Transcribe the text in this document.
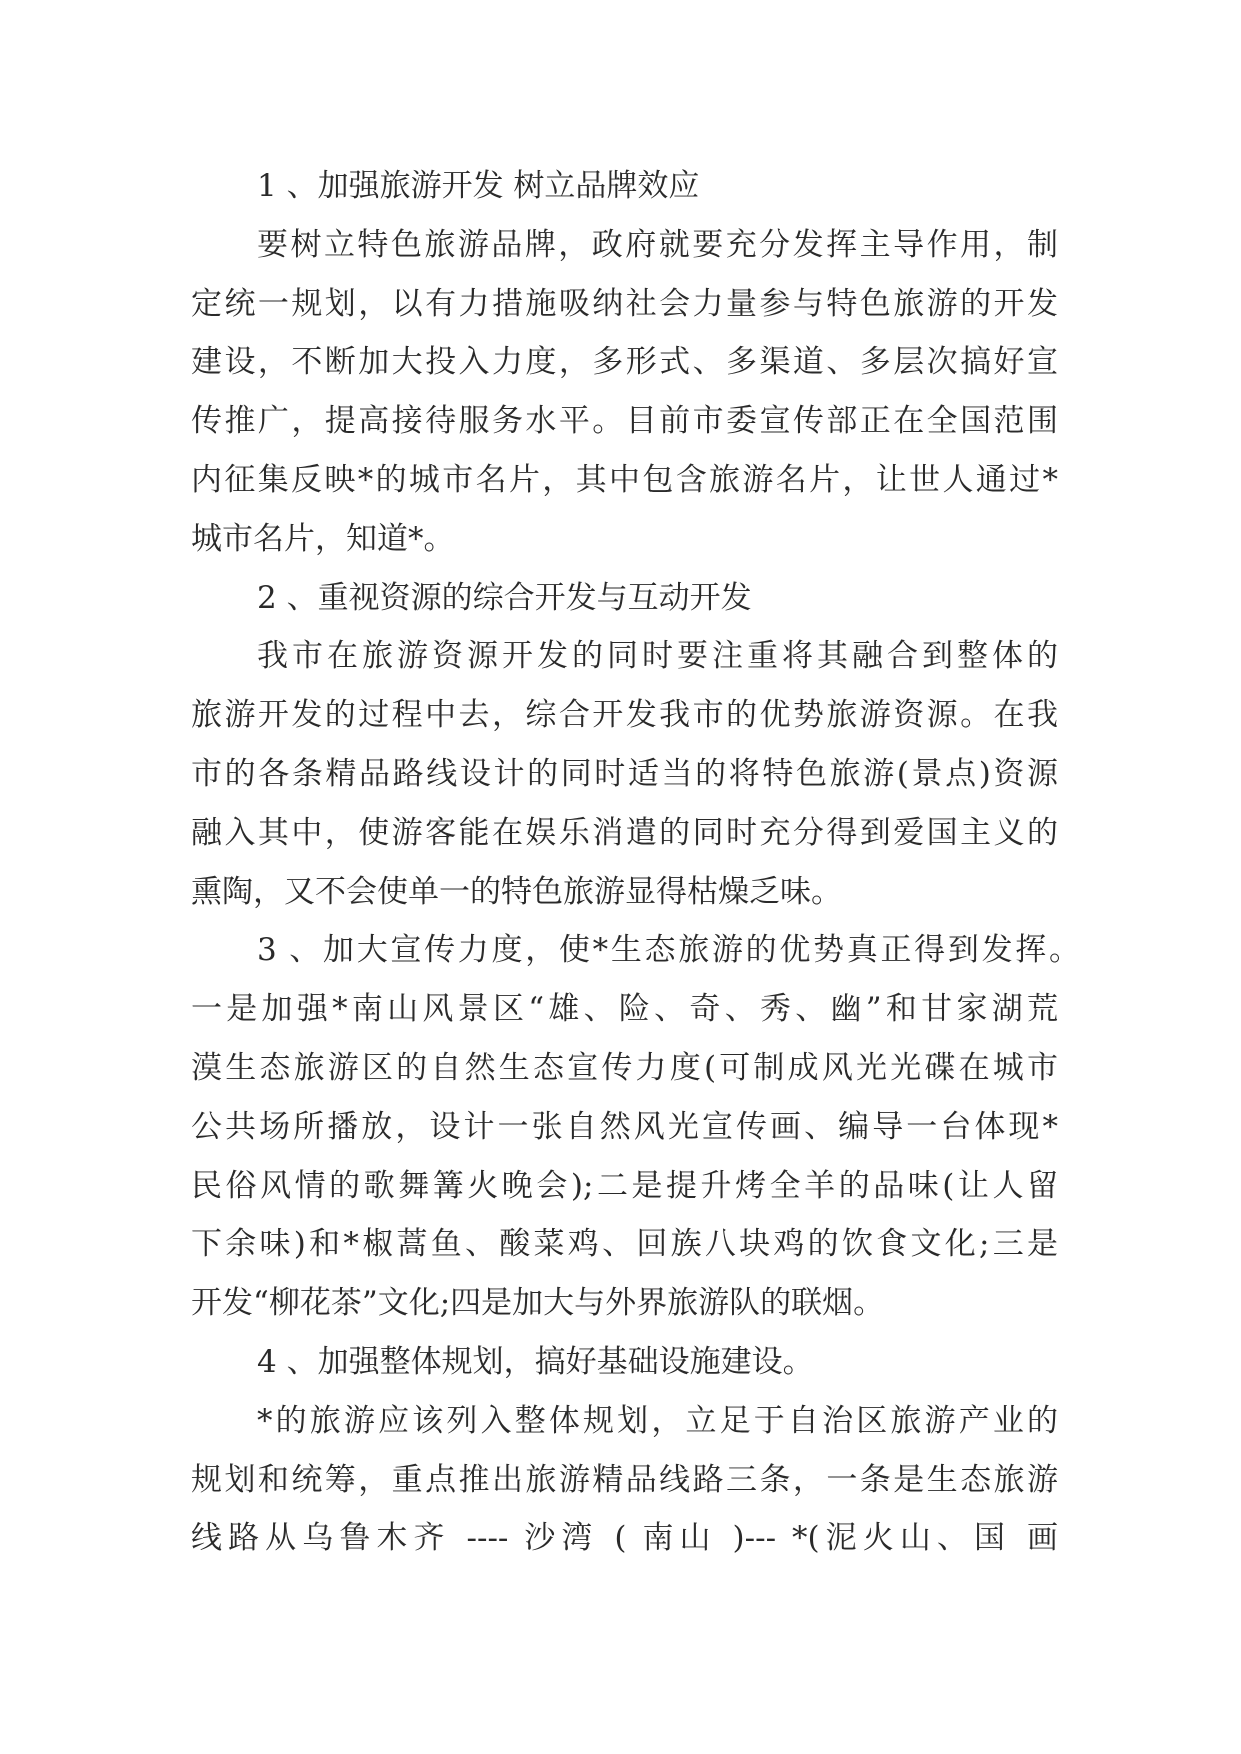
1 、加强旅游开发 树立品牌效应
要树立特色旅游品牌，政府就要充分发挥主导作用，制
定统一规划，以有力措施吸纳社会力量参与特色旅游的开发
建设，不断加大投入力度，多形式、多渠道、多层次搞好宣
传推广，提高接待服务水平。目前市委宣传部正在全国范围
内征集反映*的城市名片，其中包含旅游名片，让世人通过*
城市名片，知道*。
2 、重视资源的综合开发与互动开发
我市在旅游资源开发的同时要注重将其融合到整体的
旅游开发的过程中去，综合开发我市的优势旅游资源。在我
市的各条精品路线设计的同时适当的将特色旅游(景点)资源
融入其中，使游客能在娱乐消遣的同时充分得到爱国主义的
熏陶，又不会使单一的特色旅游显得枯燥乏味。
3 、加大宣传力度，使*生态旅游的优势真正得到发挥。
一是加强*南山风景区“雄、险、奇、秀、幽”和甘家湖荒
漠生态旅游区的自然生态宣传力度(可制成风光光碟在城市
公共场所播放，设计一张自然风光宣传画、编导一台体现*
民俗风情的歌舞篝火晚会);二是提升烤全羊的品味(让人留
下余味)和*椒蒿鱼、酸菜鸡、回族八块鸡的饮食文化;三是
开发“柳花茶”文化;四是加大与外界旅游队的联烟。
4 、加强整体规划，搞好基础设施建设。
*的旅游应该列入整体规划，立足于自治区旅游产业的
规划和统筹，重点推出旅游精品线路三条，一条是生态旅游
线路从乌鲁木齐 ---- 沙湾 ( 南山 )--- *(泥火山、国 画
